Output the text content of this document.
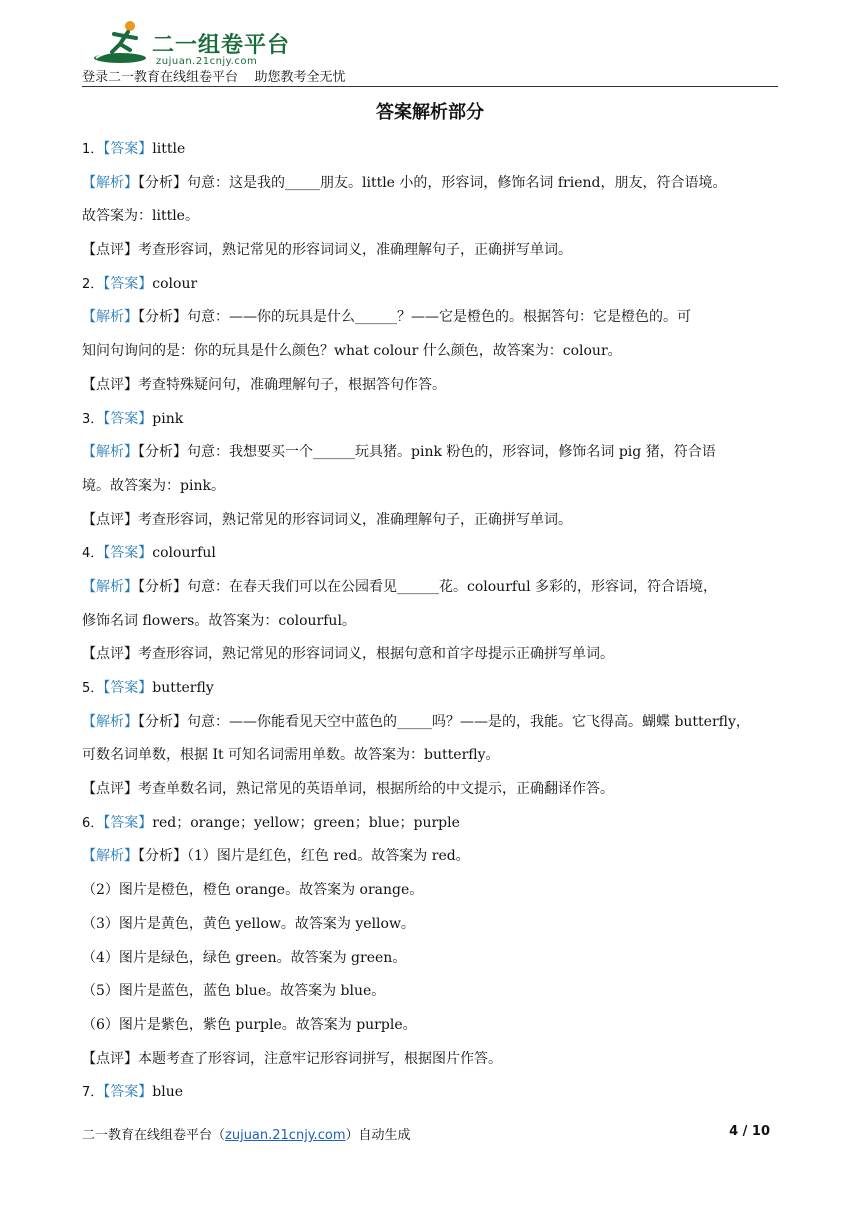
二一组卷平台
zujuan.21cnjy.com
登录二一教育在线组卷平台    助您教考全无忧
答案解析部分
1．【答案】little
【解析】【分析】句意：这是我的_____朋友。little 小的，形容词，修饰名词 friend，朋友，符合语境。
故答案为：little。
【点评】考查形容词，熟记常见的形容词词义，准确理解句子，正确拼写单词。
2．【答案】colour
【解析】【分析】句意：——你的玩具是什么______？——它是橙色的。根据答句：它是橙色的。可
知问句询问的是：你的玩具是什么颜色？what colour 什么颜色，故答案为：colour。
【点评】考查特殊疑问句，准确理解句子，根据答句作答。
3．【答案】pink
【解析】【分析】句意：我想要买一个______玩具猪。pink 粉色的，形容词，修饰名词 pig 猪，符合语
境。故答案为：pink。
【点评】考查形容词，熟记常见的形容词词义，准确理解句子，正确拼写单词。
4．【答案】colourful
【解析】【分析】句意：在春天我们可以在公园看见______花。colourful 多彩的，形容词，符合语境，
修饰名词 flowers。故答案为：colourful。
【点评】考查形容词，熟记常见的形容词词义，根据句意和首字母提示正确拼写单词。
5．【答案】butterfly
【解析】【分析】句意：——你能看见天空中蓝色的_____吗？——是的，我能。它飞得高。蝴蝶 butterfly，
可数名词单数，根据 It 可知名词需用单数。故答案为：butterfly。
【点评】考查单数名词，熟记常见的英语单词，根据所给的中文提示，正确翻译作答。
6．【答案】red；orange；yellow；green；blue；purple
【解析】【分析】（1）图片是红色，红色 red。故答案为 red。
（2）图片是橙色，橙色 orange。故答案为 orange。
（3）图片是黄色，黄色 yellow。故答案为 yellow。
（4）图片是绿色，绿色 green。故答案为 green。
（5）图片是蓝色，蓝色 blue。故答案为 blue。
（6）图片是紫色，紫色 purple。故答案为 purple。
【点评】本题考查了形容词，注意牢记形容词拼写，根据图片作答。
7．【答案】blue
二一教育在线组卷平台（zujuan.21cnjy.com）自动生成	4 / 10
